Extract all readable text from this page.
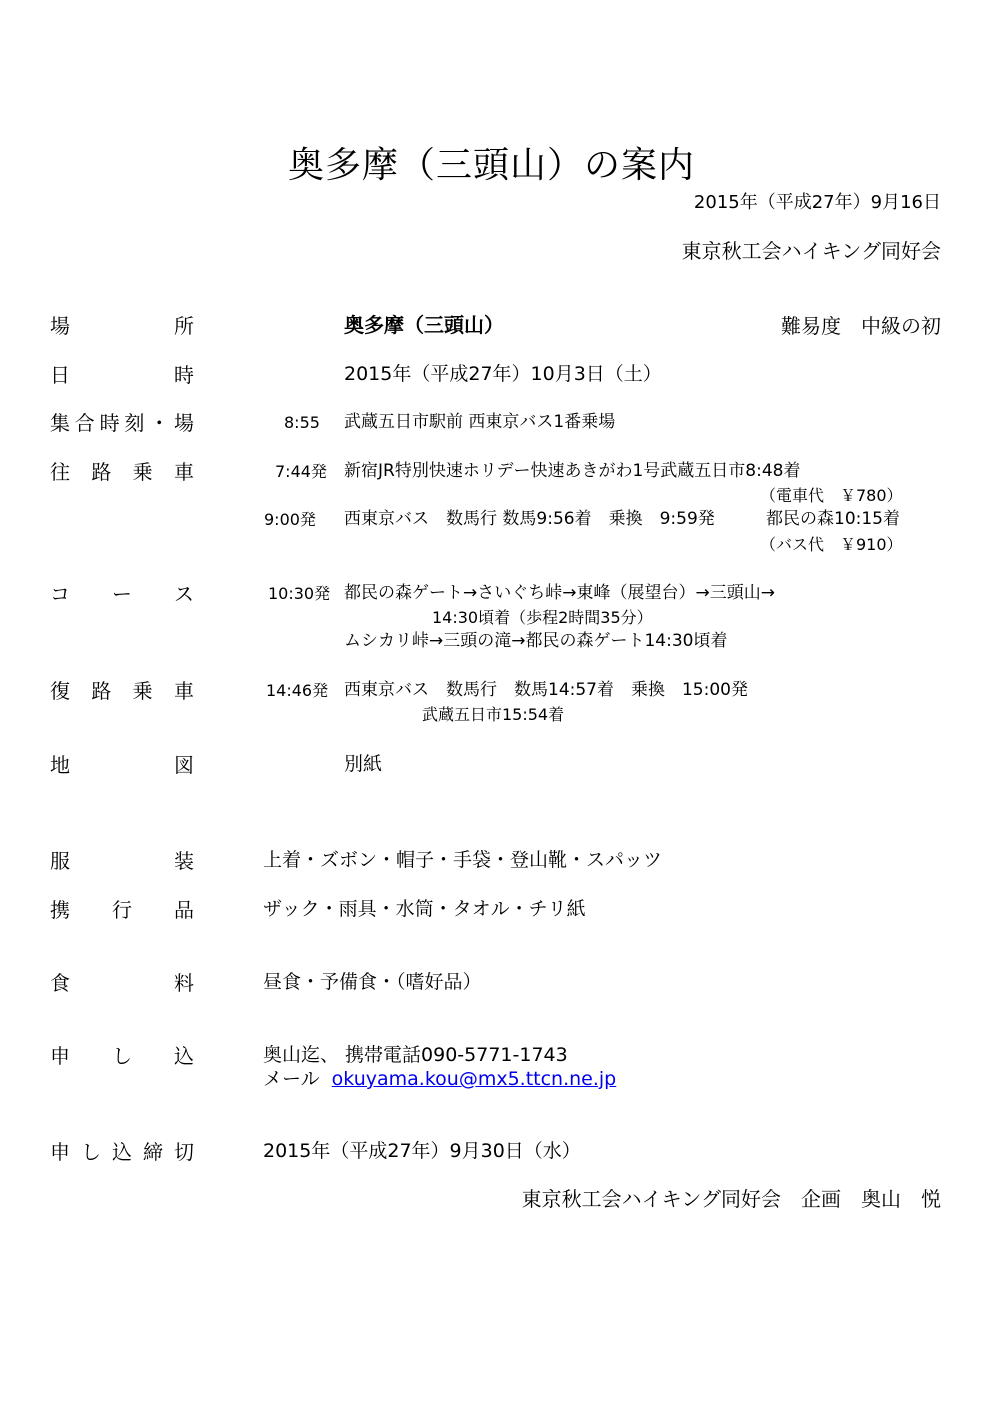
奥多摩（三頭山）の案内
2015年（平成27年）9月16日
東京秋工会ハイキング同好会
場	所	奥多摩（三頭山）	難易度　中級の初
日	時	2015年（平成27年）10月3日（土）
集 合 時 刻 ・ 場	8:55 武蔵五日市駅前 西東京バス1番乗場
往 路 乗 車	7:44発 新宿JR特別快速ホリデー快速あきがわ1号武蔵五日市8:48着
（電車代　￥780）
9:00発 西東京バス　数馬行 数馬9:56着　乗換　9:59発	都民の森10:15着
（バス代　￥910）
コ ー ス	10:30発 都民の森ゲート→さいぐち峠→東峰（展望台）→三頭山→
14:30頃着（歩程2時間35分）
ムシカリ峠→三頭の滝→都民の森ゲート14:30頃着
復 路 乗 車	14:46発 西東京バス　数馬行　数馬14:57着　乗換　15:00発
武蔵五日市15:54着
地	図	別紙
服	装	上着・ズボン・帽子・手袋・登山靴・スパッツ
携 行 品	ザック・雨具・水筒・タオル・チリ紙
食	料	昼食・予備食・（嗜好品）
申 し 込	奥山迄、 携帯電話090-5771-1743
メール okuyama.kou@mx5.ttcn.ne.jp
申 し 込 締 切	2015年（平成27年）9月30日（水）
東京秋工会ハイキング同好会　企画　奥山　悦
